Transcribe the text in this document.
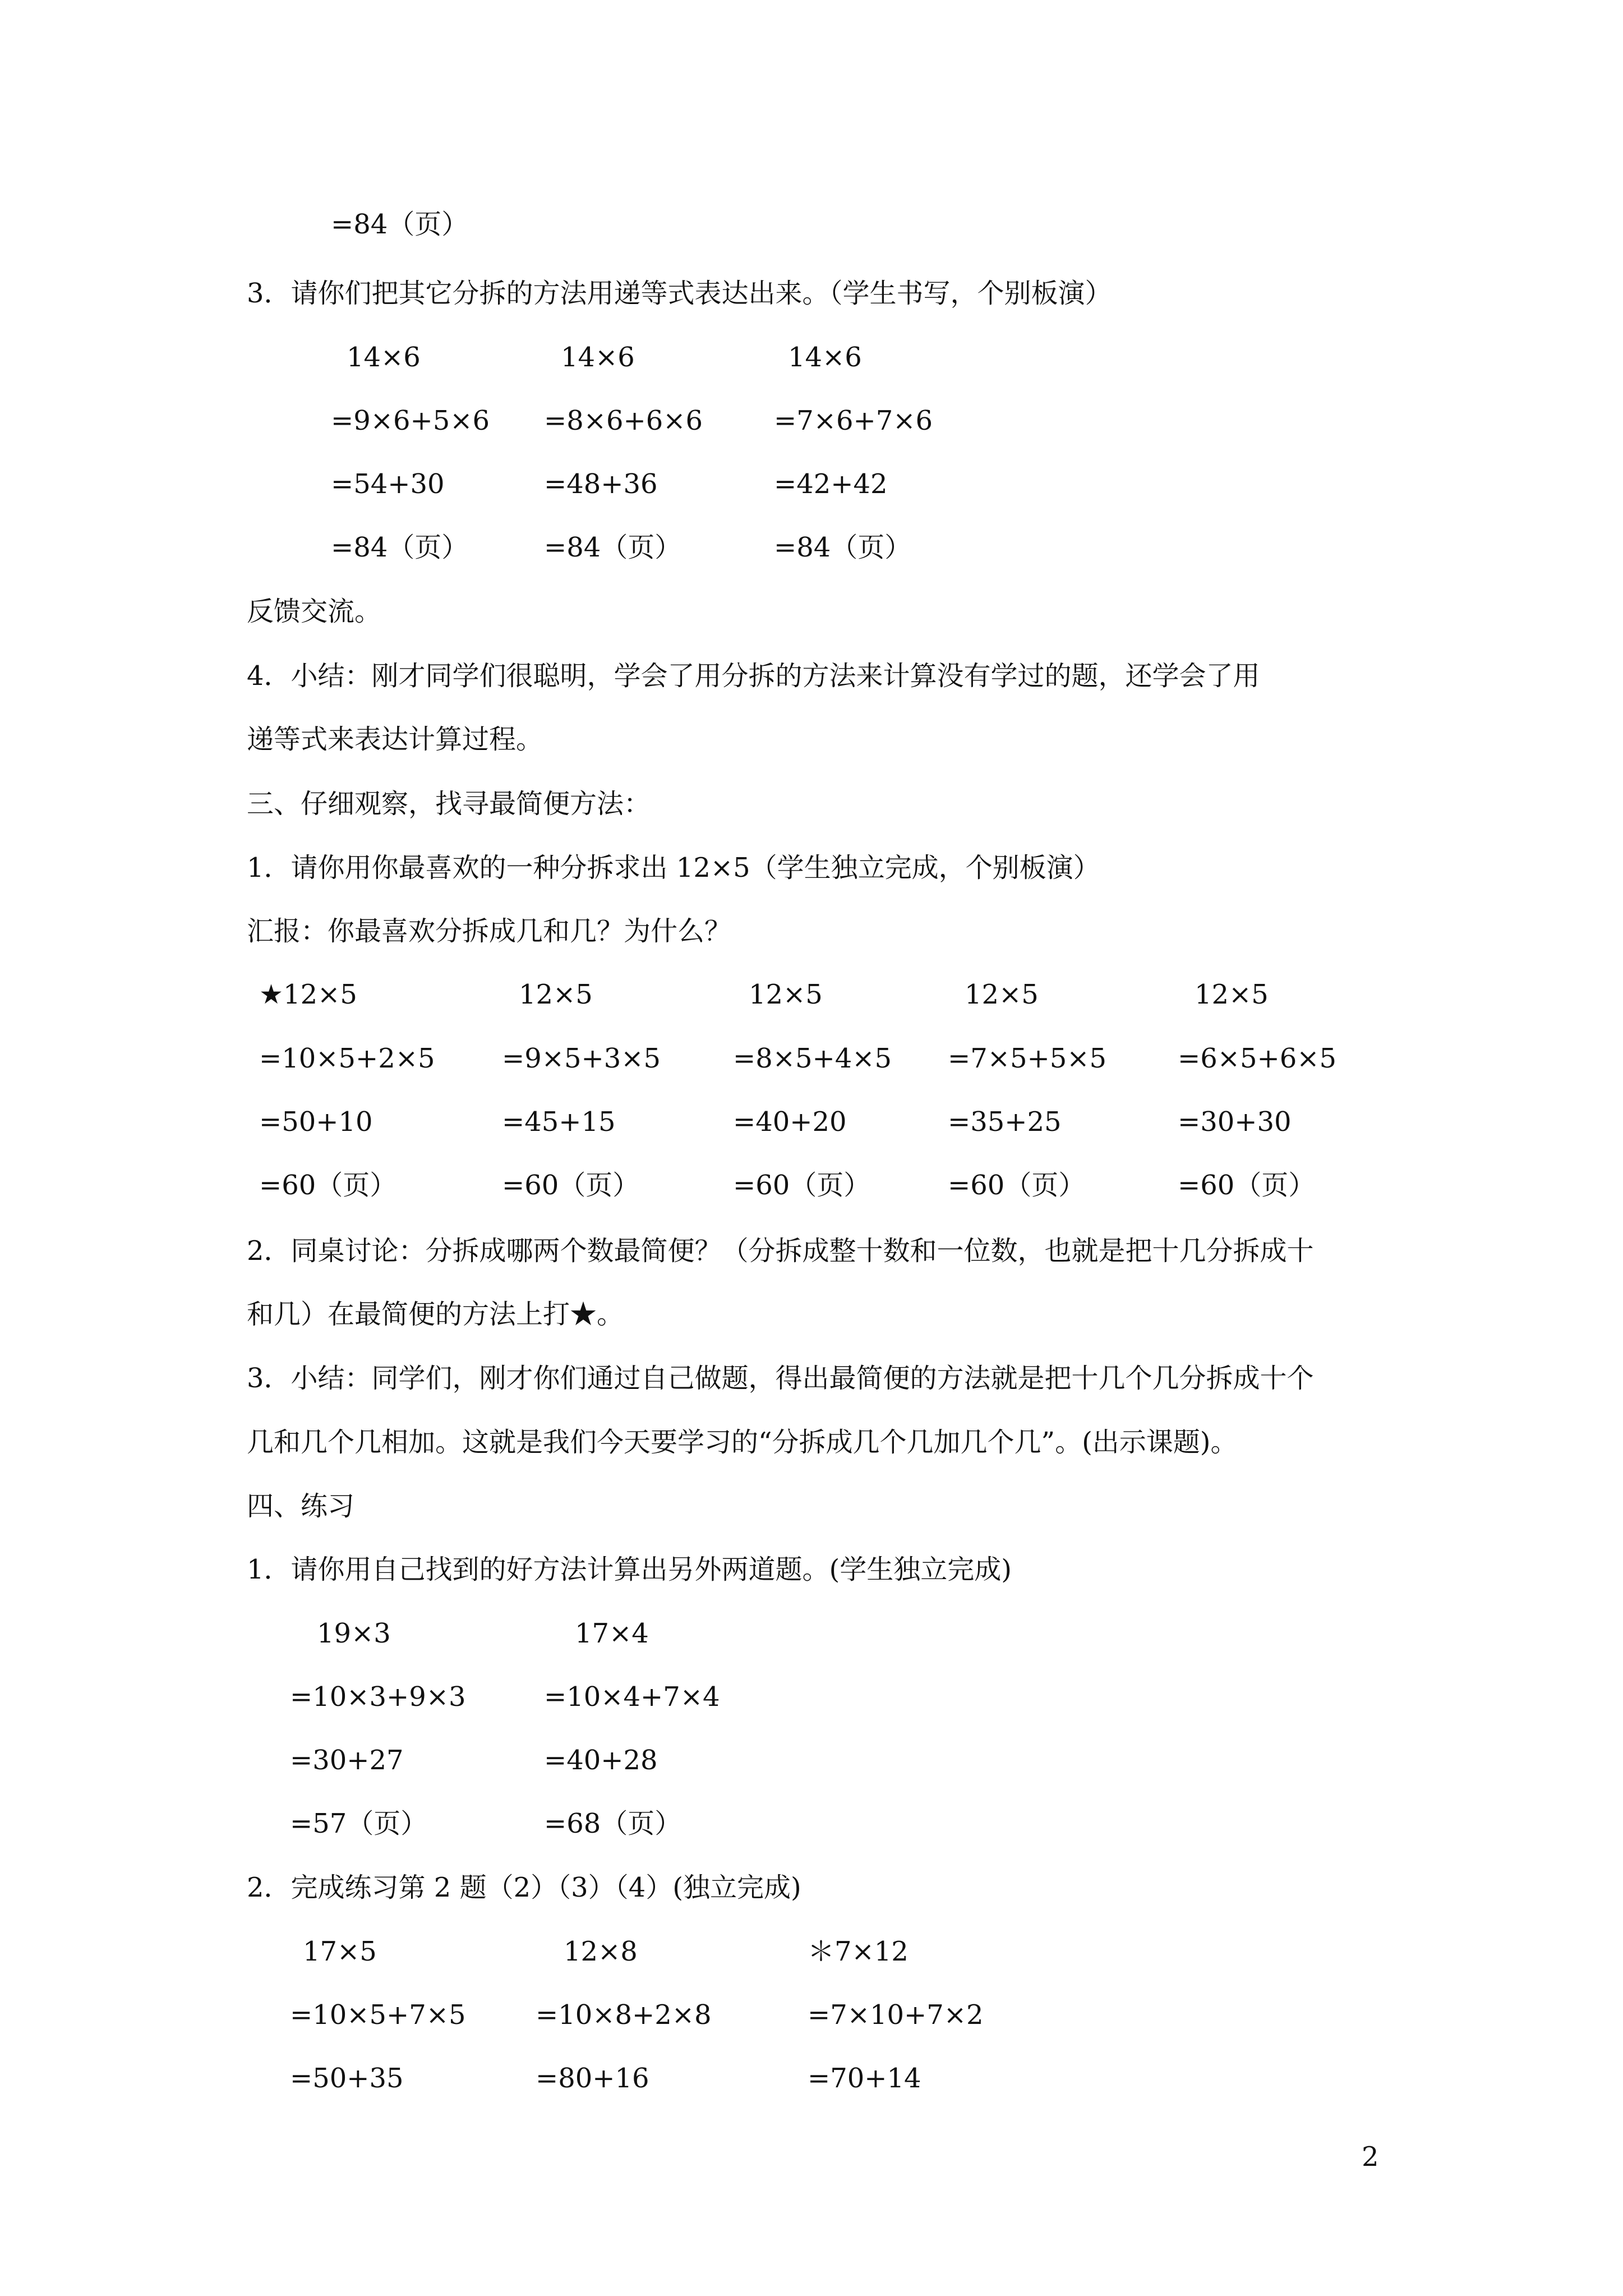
=84（页）
3．请你们把其它分拆的方法用递等式表达出来。（学生书写，个别板演）
14×6
=9×6+5×6
=54+30
=84（页）
14×6
=8×6+6×6
=48+36
=84（页）
14×6
=7×6+7×6
=42+42
=84（页）
反馈交流。
4．小结：刚才同学们很聪明，学会了用分拆的方法来计算没有学过的题，还学会了用
递等式来表达计算过程。
三、仔细观察，找寻最简便方法：
1．请你用你最喜欢的一种分拆求出 12×5（学生独立完成，个别板演）
汇报：你最喜欢分拆成几和几？为什么？
★12×5
=10×5+2×5
=50+10
=60（页）
12×5
=9×5+3×5
=45+15
=60（页）
12×5
=8×5+4×5
=40+20
=60（页）
12×5
=7×5+5×5
=35+25
=60（页）
12×5
=6×5+6×5
=30+30
=60（页）
2．同桌讨论：分拆成哪两个数最简便？（分拆成整十数和一位数，也就是把十几分拆成十
和几）在最简便的方法上打★。
3．小结：同学们，刚才你们通过自己做题，得出最简便的方法就是把十几个几分拆成十个
几和几个几相加。这就是我们今天要学习的“分拆成几个几加几个几”。(出示课题)。
四、练习
1．请你用自己找到的好方法计算出另外两道题。(学生独立完成)
19×3
=10×3+9×3
=30+27
=57（页）
17×4
=10×4+7×4
=40+28
=68（页）
2．完成练习第 2 题（2）（3）（4）(独立完成)
17×5
=10×5+7×5
=50+35
12×8
=10×8+2×8
=80+16
＊7×12
=7×10+7×2
=70+14
2
